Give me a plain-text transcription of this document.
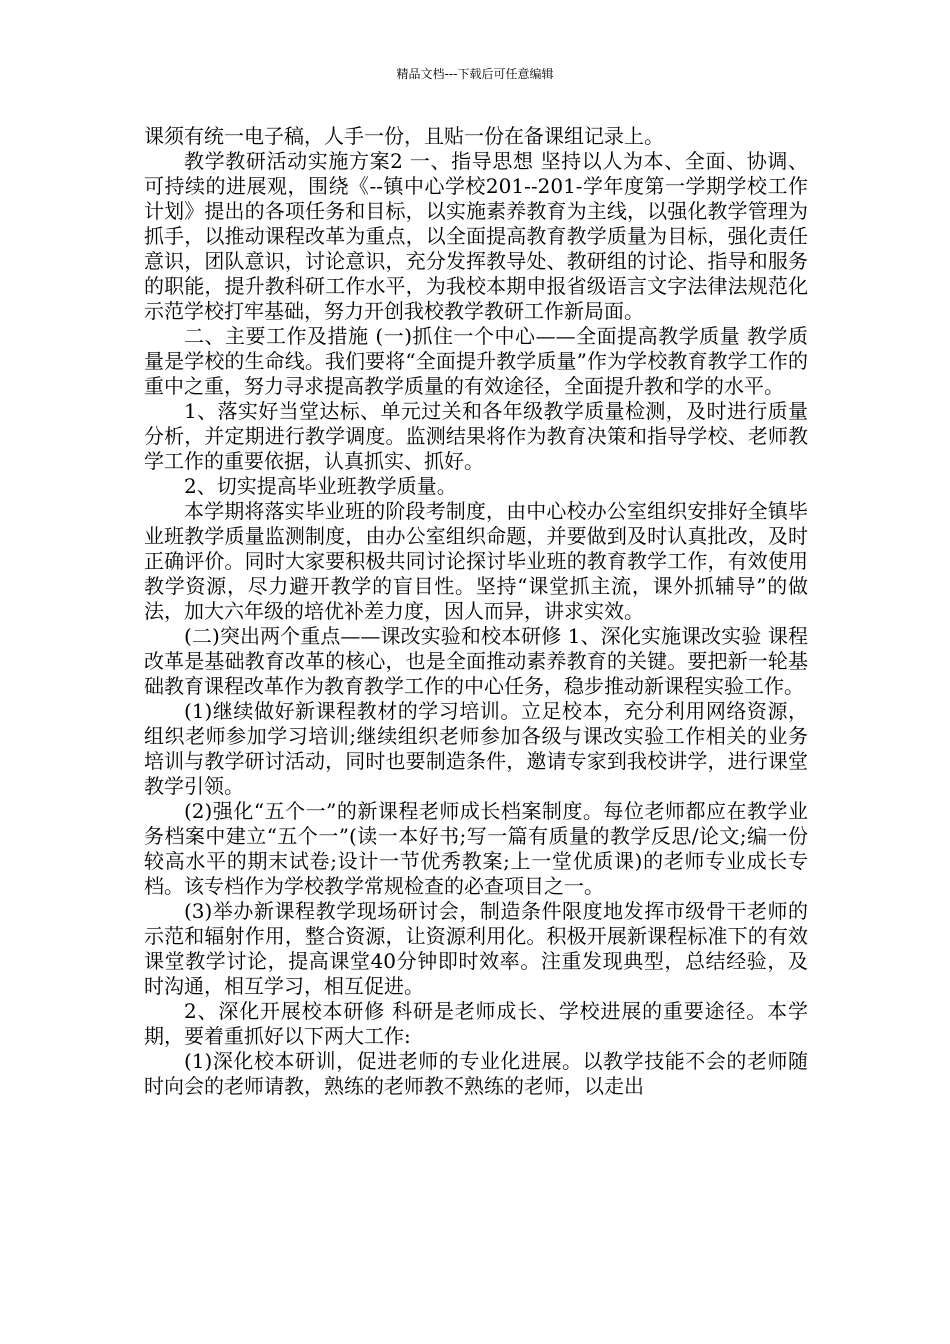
精品文档---下载后可任意编辑

课须有统一电子稿，人手一份，且贴一份在备课组记录上。

教学教研活动实施方案2 一、指导思想 坚持以人为本、全面、协调、可持续的进展观，围绕《--镇中心学校201--201-学年度第一学期学校工作计划》提出的各项任务和目标，以实施素养教育为主线，以强化教学管理为抓手，以推动课程改革为重点，以全面提高教育教学质量为目标，强化责任意识，团队意识，讨论意识，充分发挥教导处、教研组的讨论、指导和服务的职能，提升教科研工作水平，为我校本期申报省级语言文字法律法规范化示范学校打牢基础，努力开创我校教学教研工作新局面。

二、主要工作及措施 (一)抓住一个中心——全面提高教学质量 教学质量是学校的生命线。我们要将“全面提升教学质量”作为学校教育教学工作的重中之重，努力寻求提高教学质量的有效途径，全面提升教和学的水平。

1、落实好当堂达标、单元过关和各年级教学质量检测，及时进行质量分析，并定期进行教学调度。监测结果将作为教育决策和指导学校、老师教学工作的重要依据，认真抓实、抓好。

2、切实提高毕业班教学质量。

本学期将落实毕业班的阶段考制度，由中心校办公室组织安排好全镇毕业班教学质量监测制度，由办公室组织命题，并要做到及时认真批改，及时正确评价。同时大家要积极共同讨论探讨毕业班的教育教学工作，有效使用教学资源，尽力避开教学的盲目性。坚持“课堂抓主流，课外抓辅导”的做法，加大六年级的培优补差力度，因人而异，讲求实效。

(二)突出两个重点——课改实验和校本研修 1、深化实施课改实验 课程改革是基础教育改革的核心，也是全面推动素养教育的关键。要把新一轮基础教育课程改革作为教育教学工作的中心任务，稳步推动新课程实验工作。

(1)继续做好新课程教材的学习培训。立足校本，充分利用网络资源，组织老师参加学习培训;继续组织老师参加各级与课改实验工作相关的业务培训与教学研讨活动，同时也要制造条件，邀请专家到我校讲学，进行课堂教学引领。

(2)强化“五个一”的新课程老师成长档案制度。每位老师都应在教学业务档案中建立“五个一”(读一本好书;写一篇有质量的教学反思/论文;编一份较高水平的期末试卷;设计一节优秀教案;上一堂优质课)的老师专业成长专档。该专档作为学校教学常规检查的必查项目之一。

(3)举办新课程教学现场研讨会，制造条件限度地发挥市级骨干老师的示范和辐射作用，整合资源，让资源利用化。积极开展新课程标准下的有效课堂教学讨论，提高课堂40分钟即时效率。注重发现典型，总结经验，及时沟通，相互学习，相互促进。

2、深化开展校本研修 科研是老师成长、学校进展的重要途径。本学期，要着重抓好以下两大工作:

(1)深化校本研训，促进老师的专业化进展。以教学技能不会的老师随时向会的老师请教，熟练的老师教不熟练的老师，以走出
